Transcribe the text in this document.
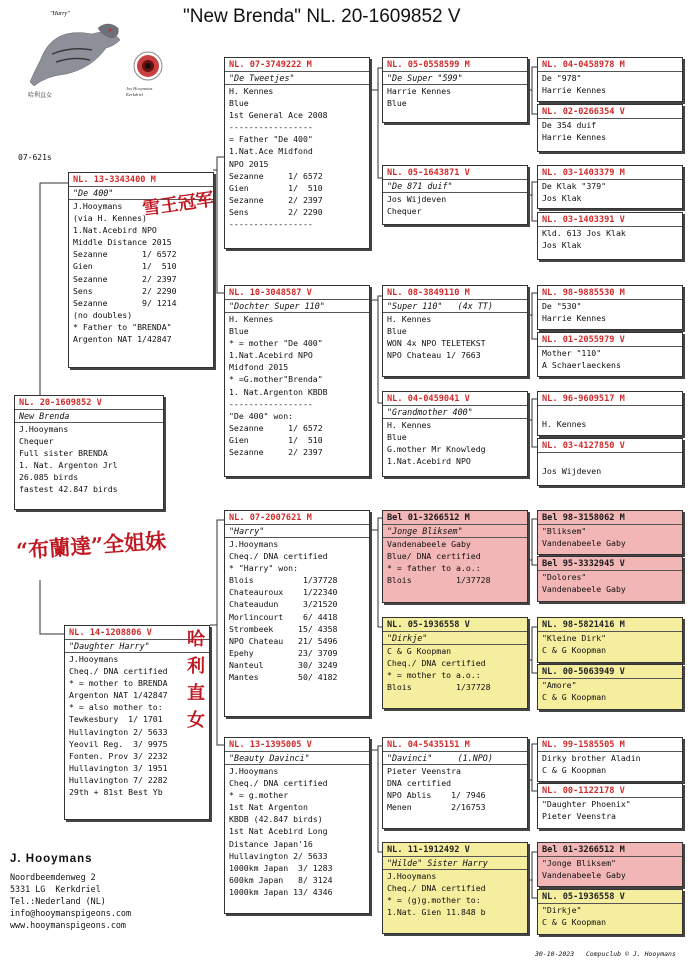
"New Brenda" NL. 20-1609852 V
"Harry"
哈利直女
Jos Hooymans Kerkdriel
07-621s
NL. 20-1609852 V
New Brenda
J.Hooymans
Chequer
Full sister BRENDA
1. Nat. Argenton Jrl
26.085 birds
fastest 42.847 birds
NL. 13-3343400 M
"De 400"
J.Hooymans
(via H. Kennes)
1.Nat.Acebird NPO
Middle Distance 2015
Sezanne       1/ 6572
Gien          1/  510
Sezanne       2/ 2397
Sens          2/ 2290
Sezanne       9/ 1214
(no doubles)
* Father to "BRENDA"
Argenton NAT 1/42847
NL. 14-1208806 V
"Daughter Harry"
J.Hooymans
Cheq./ DNA certified
* = mother to BRENDA
Argenton NAT 1/42847
* = also mother to:
Tewkesbury  1/ 1701
Hullavington 2/ 5633
Yeovil Reg.  3/ 9975
Fonten. Prov 3/ 2232
Hullavington 3/ 1951
Hullavington 7/ 2282
29th + 81st Best Yb
NL. 07-3749222 M
"De Tweetjes"
H. Kennes
Blue
1st General Ace 2008
-----------------
= Father "De 400"
1.Nat.Ace Midfond
NPO 2015
Sezanne     1/ 6572
Gien        1/  510
Sezanne     2/ 2397
Sens        2/ 2290
-----------------
NL. 10-3048587 V
"Dochter Super 110"
H. Kennes
Blue
* = mother "De 400"
1.Nat.Acebird NPO
Midfond 2015
* =G.mother"Brenda"
1. Nat.Argenton KBDB
-----------------
"De 400" won:
Sezanne     1/ 6572
Gien        1/  510
Sezanne     2/ 2397
NL. 07-2007621 M
"Harry"
J.Hooymans
Cheq./ DNA certified
* "Harry" won:
Blois          1/37728
Chateauroux    1/22340
Chateaudun     3/21520
Morlincourt    6/ 4418
Strombeek     15/ 4358
NPO Chateau   21/ 5496
Epehy         23/ 3709
Nanteul       30/ 3249
Mantes        50/ 4182
NL. 13-1395005 V
"Beauty Davinci"
J.Hooymans
Cheq./ DNA certified
* = g.mother
1st Nat Argenton
KBDB (42.847 birds)
1st Nat Acebird Long
Distance Japan'16
Hullavington 2/ 5633
1000km Japan  3/ 1283
600km Japan   8/ 3124
1000km Japan 13/ 4346
NL. 05-0558599 M
"De Super "599"
Harrie Kennes
Blue
NL. 05-1643871 V
"De 871 duif"
Jos Wijdeven
Chequer
NL. 08-3849110 M
"Super 110"   (4x TT)
H. Kennes
Blue
WON 4x NPO TELETEKST
NPO Chateau 1/ 7663
NL. 04-0459041 V
"Grandmother 400"
H. Kennes
Blue
G.mother Mr Knowledg
1.Nat.Acebird NPO
Bel 01-3266512 M
"Jonge Bliksem"
Vandenabeele Gaby
Blue/ DNA certified
* = father to a.o.:
Blois         1/37728
NL. 05-1936558 V
"Dirkje"
C & G Koopman
Cheq./ DNA certified
* = mother to a.o.:
Blois         1/37728
NL. 04-5435151 M
"Davinci"     (1.NPO)
Pieter Veenstra
DNA certified
NPO Ablis    1/ 7946
Menen        2/16753
NL. 11-1912492 V
"Hilde" Sister Harry
J.Hooymans
Cheq./ DNA certified
* = (g)g.mother to:
1.Nat. Gien 11.848 b
NL. 04-0458978 M
De "978"
Harrie Kennes
NL. 02-0266354 V
De 354 duif
Harrie Kennes
NL. 03-1403379 M
De Klak "379"
Jos Klak
NL. 03-1403391 V
Kld. 613 Jos Klak
Jos Klak
NL. 98-9885530 M
De "530"
Harrie Kennes
NL. 01-2055979 V
Mother "110"
A Schaerlaeckens
NL. 96-9609517 M

H. Kennes
NL. 03-4127850 V

Jos Wijdeven
Bel 98-3158062 M
"Bliksem"
Vandenabeele Gaby
Bel 95-3332945 V
"Dolores"
Vandenabeele Gaby
NL. 98-5821416 M
"Kleine Dirk"
C & G Koopman
NL. 00-5063949 V
"Amore"
C & G Koopman
NL. 99-1585505 M
Dirky brother Aladin
C & G Koopman
NL. 00-1122178 V
"Daughter Phoenix"
Pieter Veenstra
Bel 01-3266512 M
"Jonge Bliksem"
Vandenabeele Gaby
NL. 05-1936558 V
"Dirkje"
C & G Koopman
雪王冠军
“布蘭達”全姐妹
哈利直女
J. Hooymans
Noordbeemdenweg 2
5331 LG  Kerkdriel
Tel.:Nederland (NL)
info@hooymanspigeons.com
www.hooymanspigeons.com
30-10-2023   Compuclub © J. Hooymans
